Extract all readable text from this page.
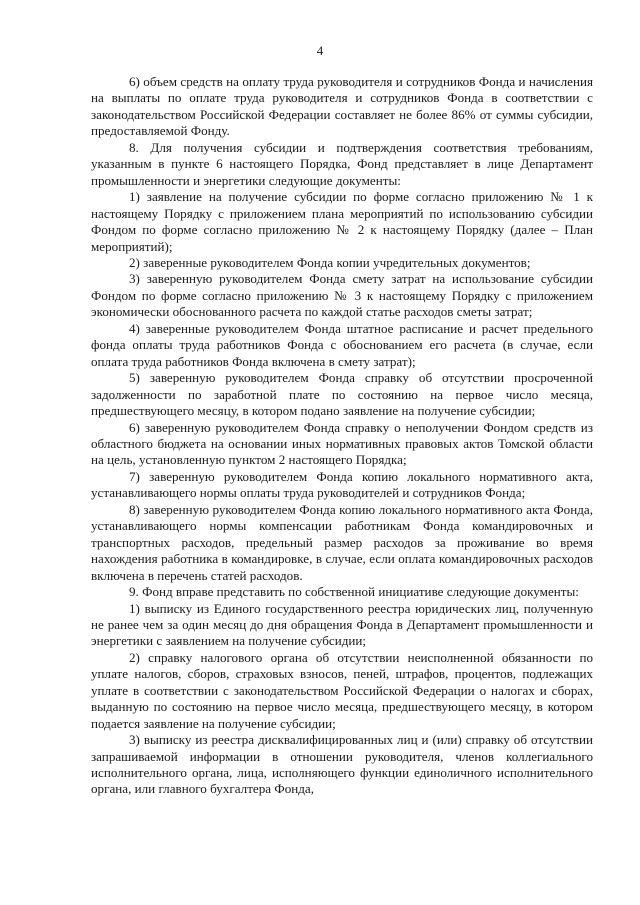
4

6) объем средств на оплату труда руководителя и сотрудников Фонда и начисления на выплаты по оплате труда руководителя и сотрудников Фонда в соответствии с законодательством Российской Федерации составляет не более 86% от суммы субсидии, предоставляемой Фонду.

8. Для получения субсидии и подтверждения соответствия требованиям, указанным в пункте 6 настоящего Порядка, Фонд представляет в лице Департамент промышленности и энергетики следующие документы:

1) заявление на получение субсидии по форме согласно приложению № 1 к настоящему Порядку с приложением плана мероприятий по использованию субсидии Фондом по форме согласно приложению № 2 к настоящему Порядку (далее – План мероприятий);

2) заверенные руководителем Фонда копии учредительных документов;

3) заверенную руководителем Фонда смету затрат на использование субсидии Фондом по форме согласно приложению № 3 к настоящему Порядку с приложением экономически обоснованного расчета по каждой статье расходов сметы затрат;

4) заверенные руководителем Фонда штатное расписание и расчет предельного фонда оплаты труда работников Фонда с обоснованием его расчета (в случае, если оплата труда работников Фонда включена в смету затрат);

5) заверенную руководителем Фонда справку об отсутствии просроченной задолженности по заработной плате по состоянию на первое число месяца, предшествующего месяцу, в котором подано заявление на получение субсидии;

6) заверенную руководителем Фонда справку о неполучении Фондом средств из областного бюджета на основании иных нормативных правовых актов Томской области на цель, установленную пунктом 2 настоящего Порядка;

7) заверенную руководителем Фонда копию локального нормативного акта, устанавливающего нормы оплаты труда руководителей и сотрудников Фонда;

8) заверенную руководителем Фонда копию локального нормативного акта Фонда, устанавливающего нормы компенсации работникам Фонда командировочных и транспортных расходов, предельный размер расходов за проживание во время нахождения работника в командировке, в случае, если оплата командировочных расходов включена в перечень статей расходов.

9. Фонд вправе представить по собственной инициативе следующие документы:

1) выписку из Единого государственного реестра юридических лиц, полученную не ранее чем за один месяц до дня обращения Фонда в Департамент промышленности и энергетики с заявлением на получение субсидии;

2) справку налогового органа об отсутствии неисполненной обязанности по уплате налогов, сборов, страховых взносов, пеней, штрафов, процентов, подлежащих уплате в соответствии с законодательством Российской Федерации о налогах и сборах, выданную по состоянию на первое число месяца, предшествующего месяцу, в котором подается заявление на получение субсидии;

3) выписку из реестра дисквалифицированных лиц и (или) справку об отсутствии запрашиваемой информации в отношении руководителя, членов коллегиального исполнительного органа, лица, исполняющего функции единоличного исполнительного органа, или главного бухгалтера Фонда,
